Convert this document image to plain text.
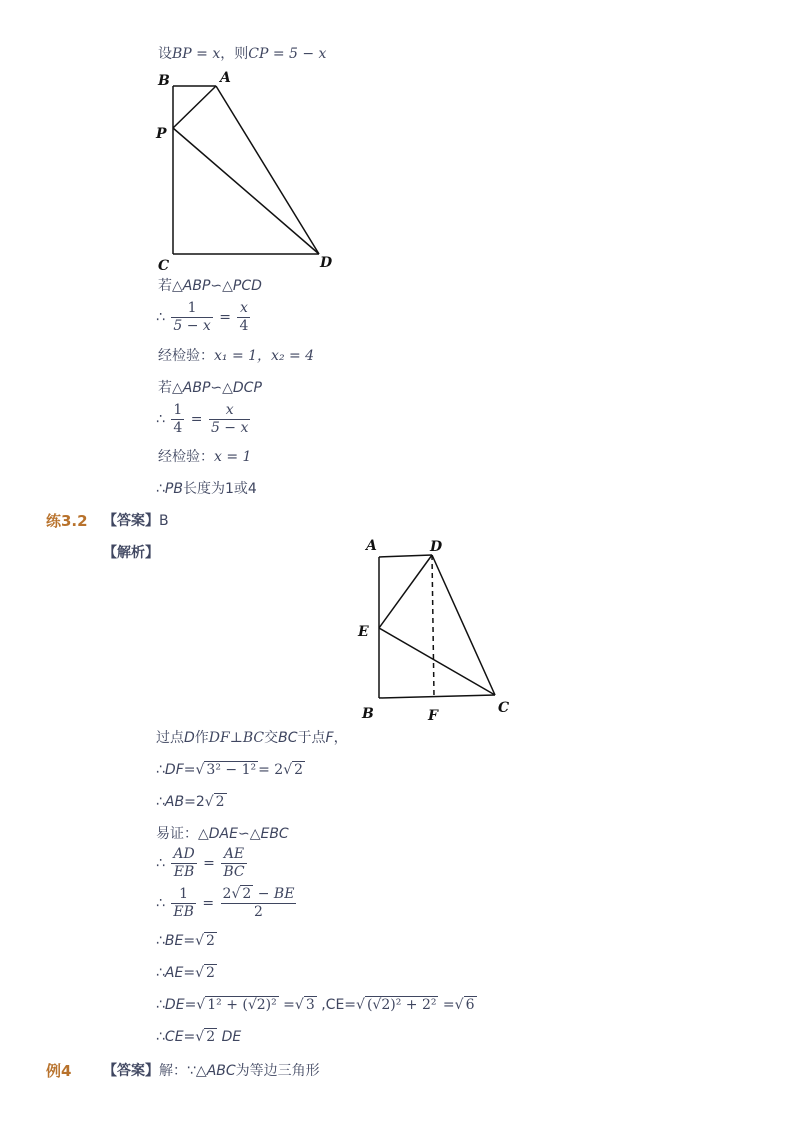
设BP = x，则CP = 5 − x
B	A
P
C	D
若△ABP∽△PCD
∴ $\frac{1}{5 - x} = \frac{x}{4}$
经检验：x₁ = 1，x₂ = 4
若△ABP∽△DCP
∴ $\frac{1}{4} = \frac{x}{5 - x}$
经检验：x = 1
∴PB长度为1或4
练3.2 【答案】B
【解析】	A	D
E
B	F	C
过点D作DF⊥BC交BC于点F，
∴DF=√ 3² − 1² = 2√ 2
∴AB=2√ 2
易证：△DAE∽△EBC
∴ $\frac{AD}{EB} = \frac{AE}{BC}$
∴ $\frac{1}{EB} = \frac{2√ 2 - BE}{2}$
∴BE=√ 2
∴AE=√ 2
∴DE=√ 1² + (√2)² =√ 3 ,CE=√ (√2)² + 2² =√ 6
∴CE=√ 2 DE
例4 【答案】解：∵△ABC为等边三角形
